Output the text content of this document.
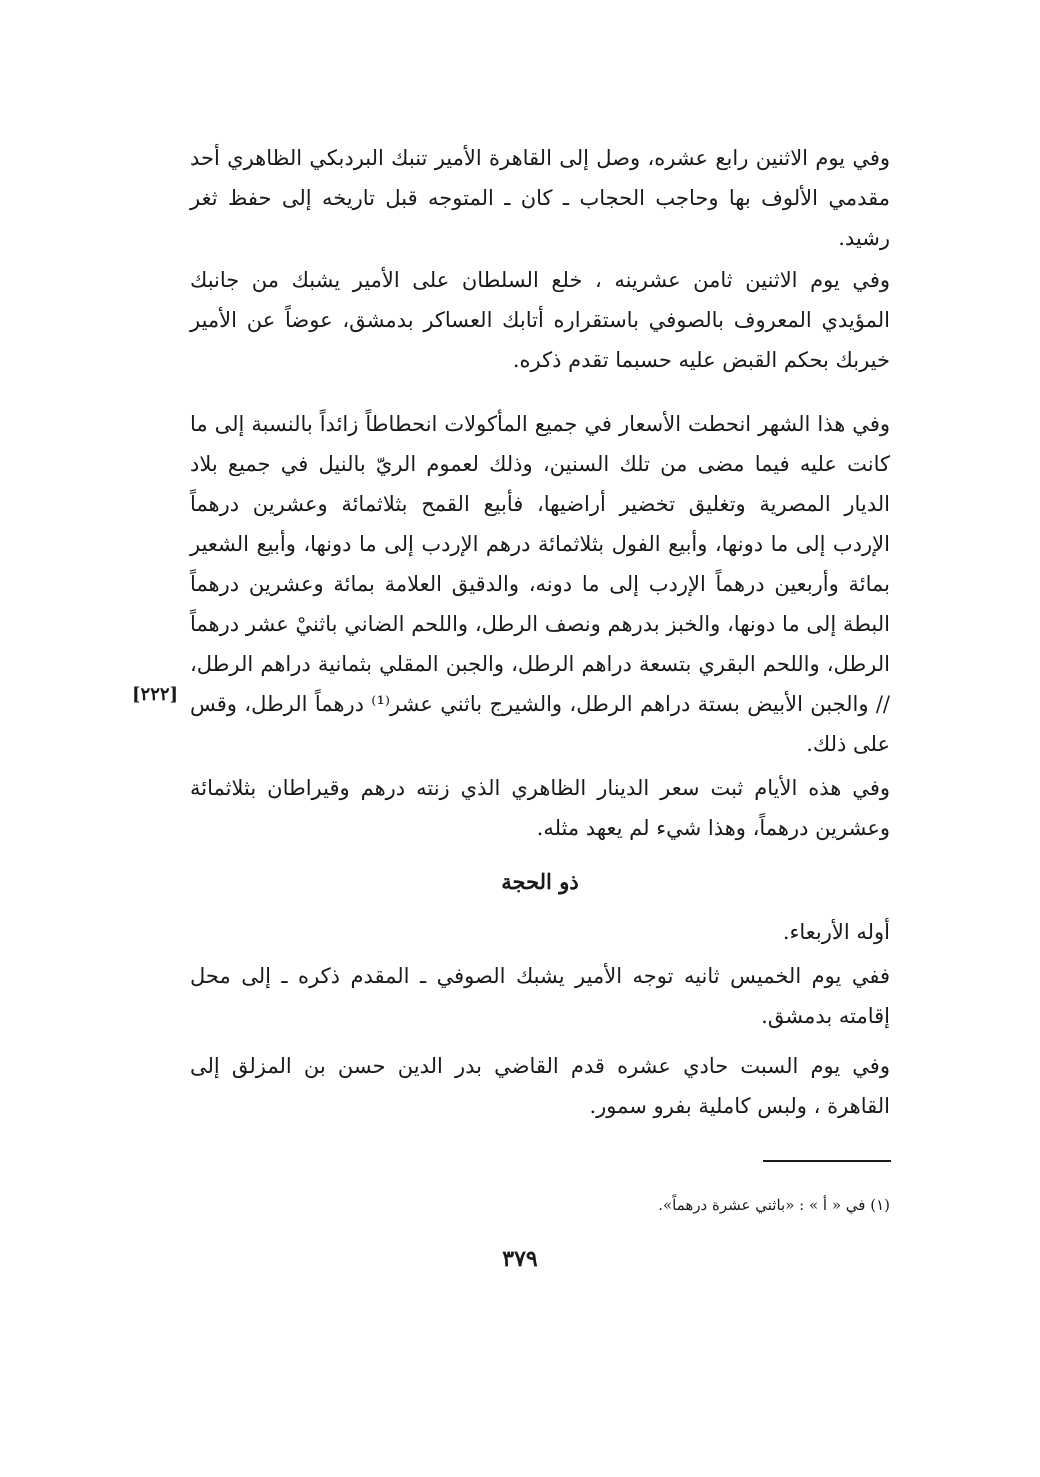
وفي يوم الاثنين رابع عشره، وصل إلى القاهرة الأمير تنبك البردبكي الظاهري أحد مقدمي الألوف بها وحاجب الحجاب ـ كان ـ المتوجه قبل تاريخه إلى حفظ ثغر رشيد.

وفي يوم الاثنين ثامن عشرينه ، خلع السلطان على الأمير يشبك من جانبك المؤيدي المعروف بالصوفي باستقراره أتابك العساكر بدمشق، عوضاً عن الأمير خيربك بحكم القبض عليه حسبما تقدم ذكره.

وفي هذا الشهر انحطت الأسعار في جميع المأكولات انحطاطاً زائداً بالنسبة إلى ما كانت عليه فيما مضى من تلك السنين، وذلك لعموم الريّ بالنيل في جميع بلاد الديار المصرية وتغليق تخضير أراضيها، فأبيع القمح بثلاثمائة وعشرين درهماً الإردب إلى ما دونها، وأبيع الفول بثلاثمائة درهم الإردب إلى ما دونها، وأبيع الشعير بمائة وأربعين درهماً الإردب إلى ما دونه، والدقيق العلامة بمائة وعشرين درهماً البطة إلى ما دونها، والخبز بدرهم ونصف الرطل، واللحم الضاني باثنيْ عشر درهماً الرطل، واللحم البقري بتسعة دراهم الرطل، والجبن المقلي بثمانية دراهم الرطل، // والجبن الأبيض بستة دراهم الرطل، والشيرج باثني عشر⁽¹⁾ درهماً الرطل، وقس على ذلك.

[٢٢٢]

وفي هذه الأيام ثبت سعر الدينار الظاهري الذي زنته درهم وقيراطان بثلاثمائة وعشرين درهماً، وهذا شيء لم يعهد مثله.

ذو الحجة

أوله الأربعاء.

ففي يوم الخميس ثانيه توجه الأمير يشبك الصوفي ـ المقدم ذكره ـ إلى محل إقامته بدمشق.

وفي يوم السبت حادي عشره قدم القاضي بدر الدين حسن بن المزلق إلى القاهرة ، ولبس كاملية بفرو سمور.

(١) في « أ » : «باثني عشرة درهماً».

٣٧٩
